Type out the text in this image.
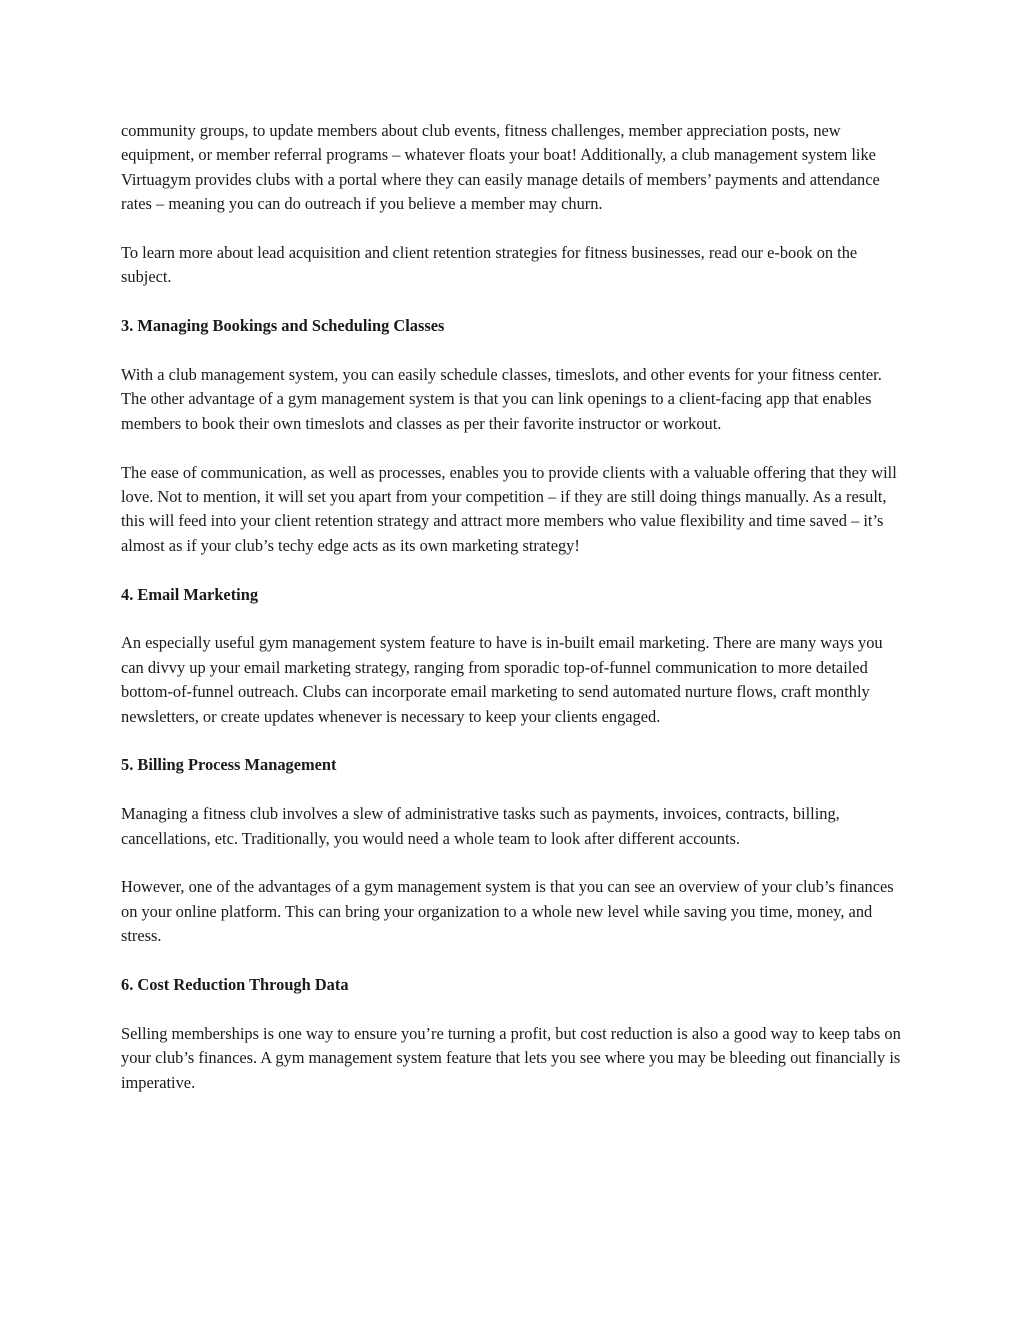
community groups, to update members about club events, fitness challenges, member appreciation posts, new equipment, or member referral programs – whatever floats your boat! Additionally, a club management system like Virtuagym provides clubs with a portal where they can easily manage details of members’ payments and attendance rates – meaning you can do outreach if you believe a member may churn.

To learn more about lead acquisition and client retention strategies for fitness businesses, read our e-book on the subject.

3. Managing Bookings and Scheduling Classes

With a club management system, you can easily schedule classes, timeslots, and other events for your fitness center. The other advantage of a gym management system is that you can link openings to a client-facing app that enables members to book their own timeslots and classes as per their favorite instructor or workout.

The ease of communication, as well as processes, enables you to provide clients with a valuable offering that they will love. Not to mention, it will set you apart from your competition – if they are still doing things manually. As a result, this will feed into your client retention strategy and attract more members who value flexibility and time saved – it’s almost as if your club’s techy edge acts as its own marketing strategy!

4. Email Marketing

An especially useful gym management system feature to have is in-built email marketing. There are many ways you can divvy up your email marketing strategy, ranging from sporadic top-of-funnel communication to more detailed bottom-of-funnel outreach. Clubs can incorporate email marketing to send automated nurture flows, craft monthly newsletters, or create updates whenever is necessary to keep your clients engaged.

5. Billing Process Management

Managing a fitness club involves a slew of administrative tasks such as payments, invoices, contracts, billing, cancellations, etc. Traditionally, you would need a whole team to look after different accounts.

However, one of the advantages of a gym management system is that you can see an overview of your club’s finances on your online platform. This can bring your organization to a whole new level while saving you time, money, and stress.

6. Cost Reduction Through Data

Selling memberships is one way to ensure you’re turning a profit, but cost reduction is also a good way to keep tabs on your club’s finances. A gym management system feature that lets you see where you may be bleeding out financially is imperative.
